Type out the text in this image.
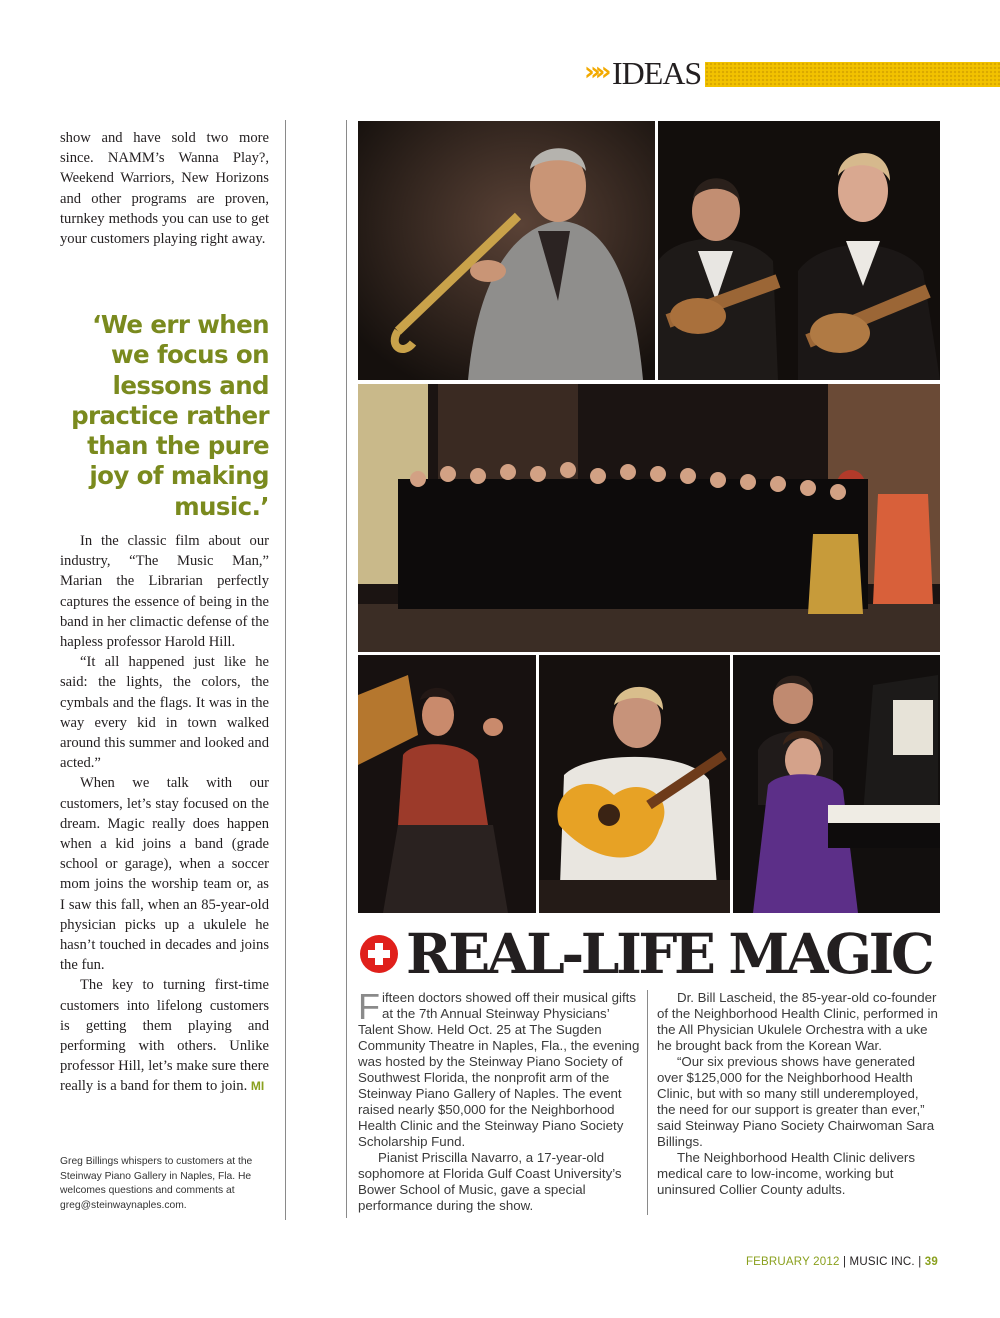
»» IDEAS

show and have sold two more since. NAMM’s Wanna Play?, Weekend Warriors, New Horizons and other programs are proven, turnkey methods you can use to get your customers playing right away.

‘We err when we focus on lessons and practice rather than the pure joy of making music.’

In the classic film about our industry, “The Music Man,” Marian the Librarian perfectly captures the essence of being in the band in her climactic defense of the hapless professor Harold Hill.

“It all happened just like he said: the lights, the colors, the cymbals and the flags. It was in the way every kid in town walked around this summer and looked and acted.”

When we talk with our customers, let’s stay focused on the dream. Magic really does happen when a kid joins a band (grade school or garage), when a soccer mom joins the worship team or, as I saw this fall, when an 85-year-old physician picks up a ukulele he hasn’t touched in decades and joins the fun.

The key to turning first-time customers into lifelong customers is getting them playing and performing with others. Unlike professor Hill, let’s make sure there really is a band for them to join. MI

Greg Billings whispers to customers at the Steinway Piano Gallery in Naples, Fla. He welcomes questions and comments at greg@steinwaynaples.com.
REAL-LIFE MAGIC

Fifteen doctors showed off their musical gifts at the 7th Annual Steinway Physicians’ Talent Show. Held Oct. 25 at The Sugden Community Theatre in Naples, Fla., the evening was hosted by the Steinway Piano Society of Southwest Florida, the nonprofit arm of the Steinway Piano Gallery of Naples. The event raised nearly $50,000 for the Neighborhood Health Clinic and the Steinway Piano Society Scholarship Fund.

Pianist Priscilla Navarro, a 17-year-old sophomore at Florida Gulf Coast University’s Bower School of Music, gave a special performance during the show.

Dr. Bill Lascheid, the 85-year-old co-founder of the Neighborhood Health Clinic, performed in the All Physician Ukulele Orchestra with a uke he brought back from the Korean War.

“Our six previous shows have generated over $125,000 for the Neighborhood Health Clinic, but with so many still underemployed, the need for our support is greater than ever,” said Steinway Piano Society Chairwoman Sara Billings.

The Neighborhood Health Clinic delivers medical care to low-income, working but uninsured Collier County adults.

FEBRUARY 2012 | MUSIC INC. | 39
